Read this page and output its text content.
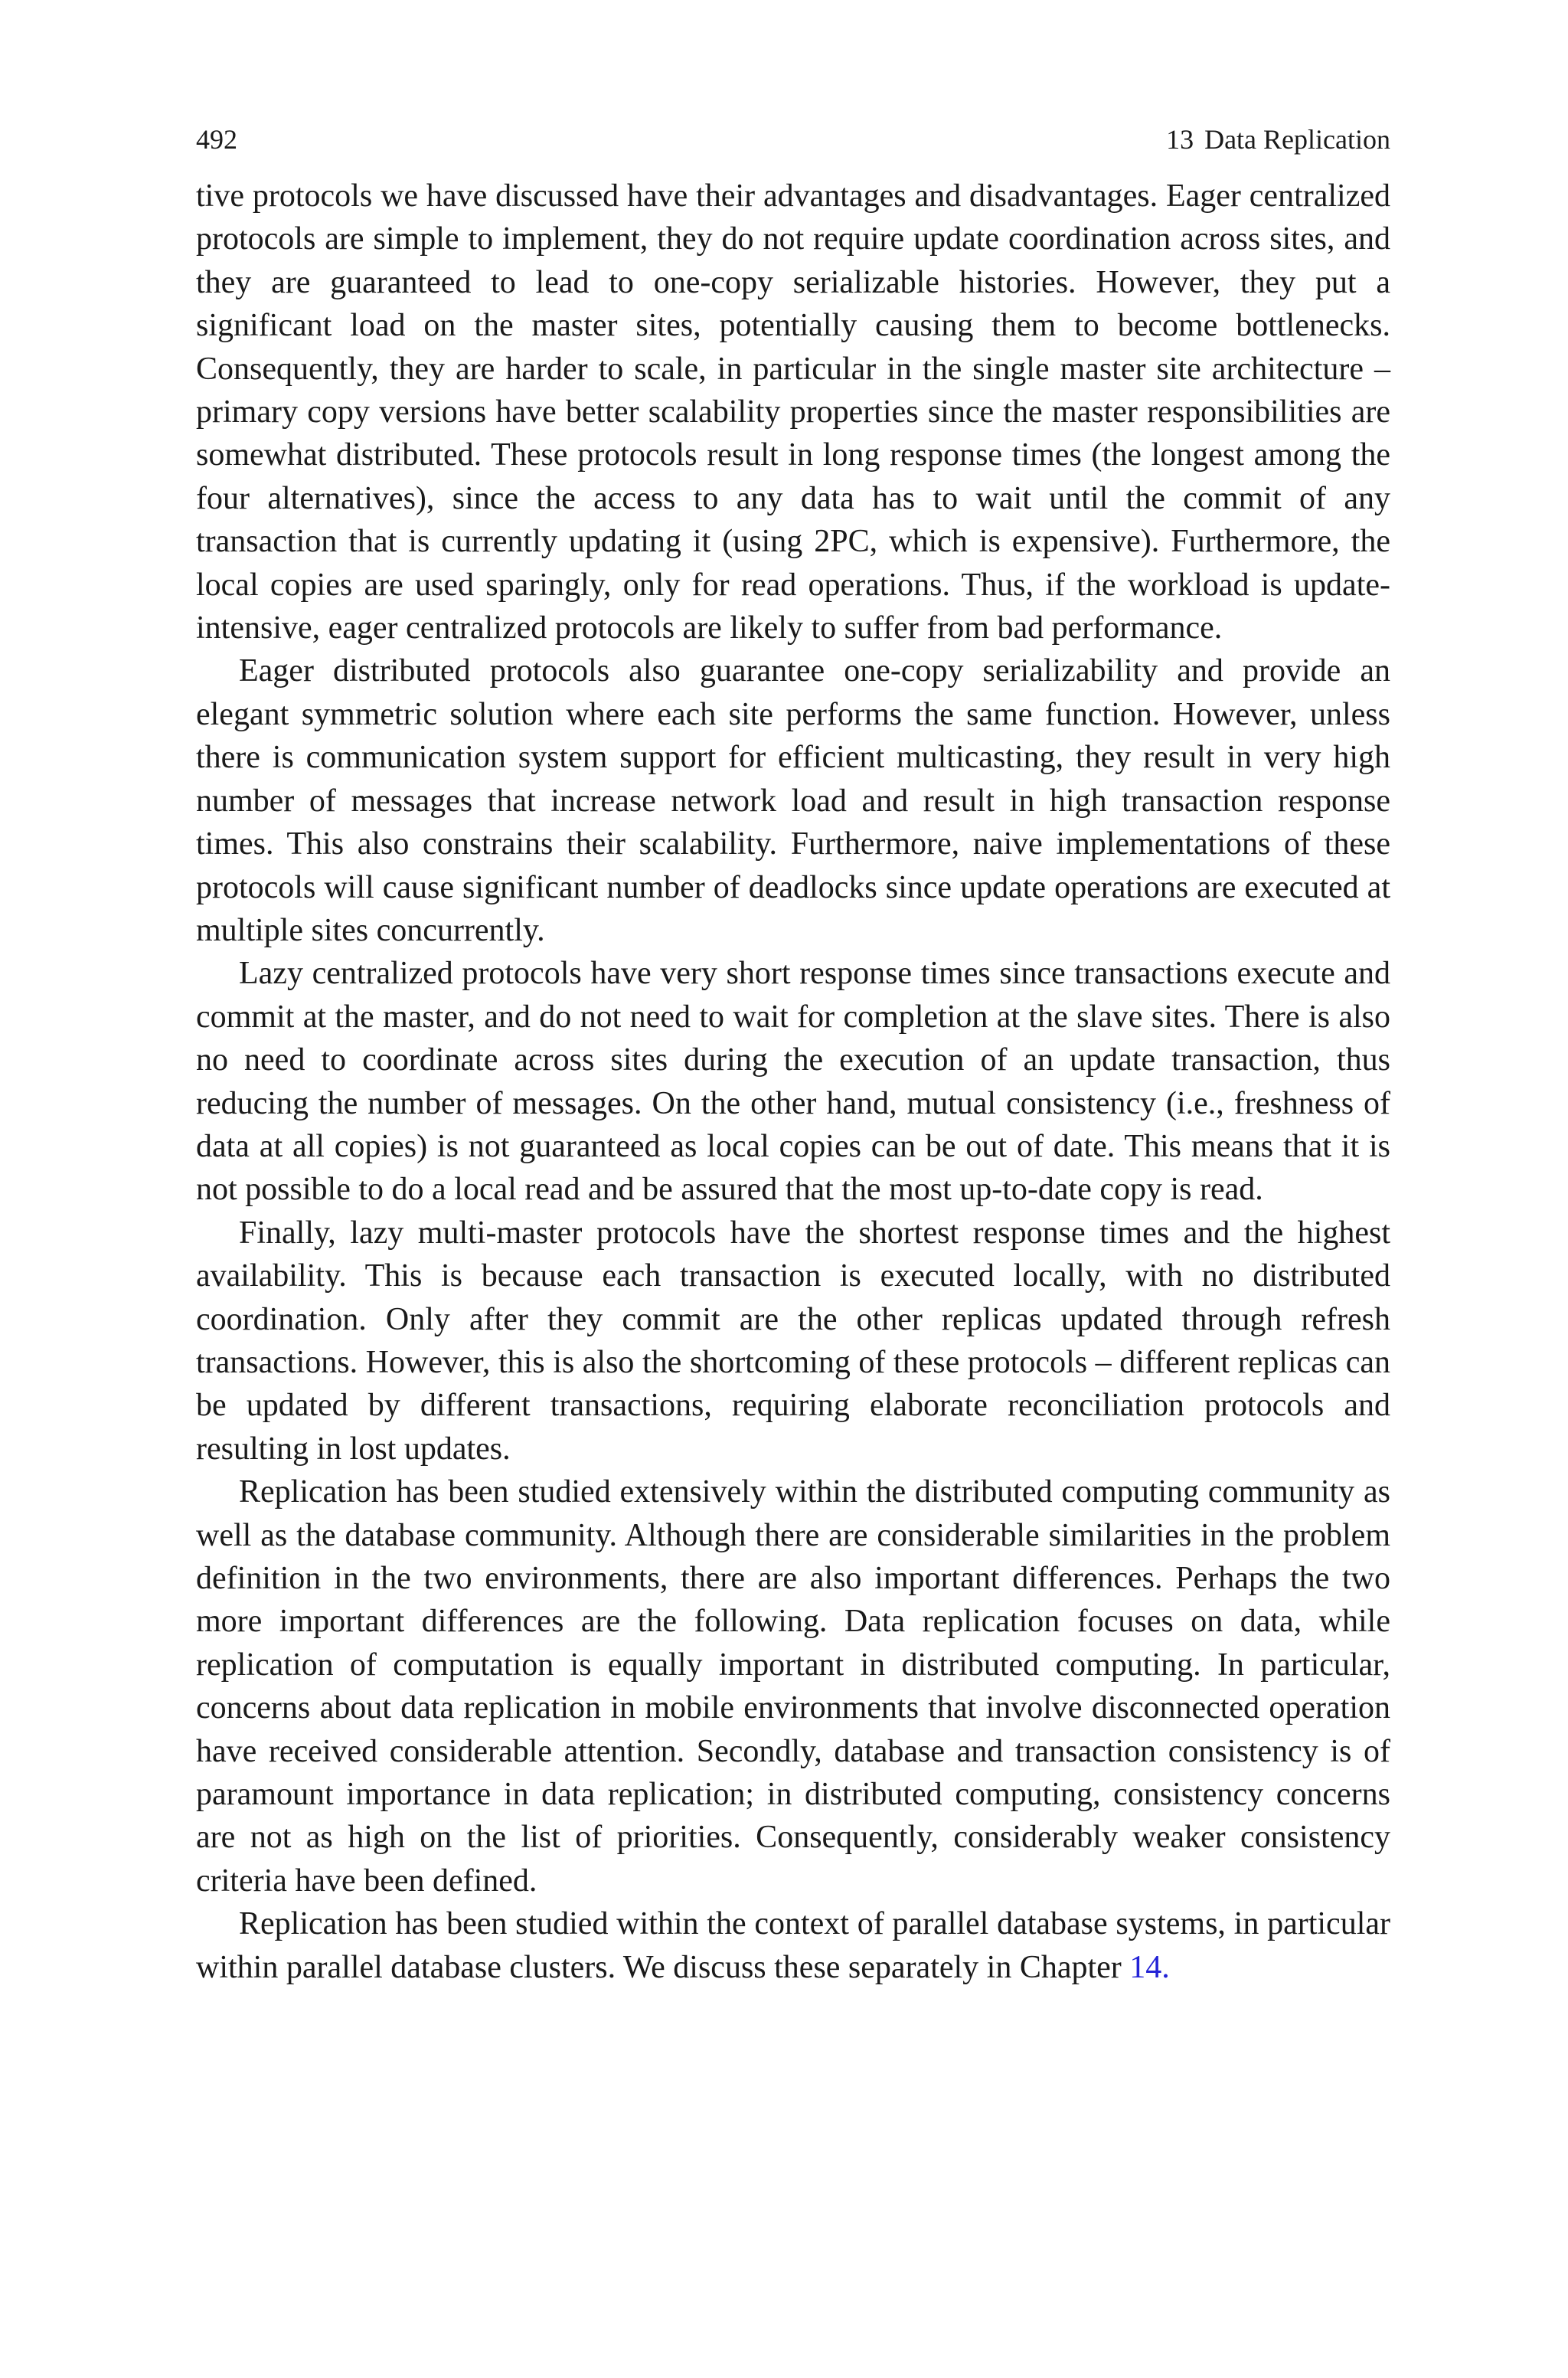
492	13 Data Replication

tive protocols we have discussed have their advantages and disadvantages. Eager centralized protocols are simple to implement, they do not require update coordination across sites, and they are guaranteed to lead to one-copy serializable histories. However, they put a significant load on the master sites, potentially causing them to become bottlenecks. Consequently, they are harder to scale, in particular in the single master site architecture – primary copy versions have better scalability properties since the master responsibilities are somewhat distributed. These protocols result in long response times (the longest among the four alternatives), since the access to any data has to wait until the commit of any transaction that is currently updating it (using 2PC, which is expensive). Furthermore, the local copies are used sparingly, only for read operations. Thus, if the workload is update-intensive, eager centralized protocols are likely to suffer from bad performance.

Eager distributed protocols also guarantee one-copy serializability and provide an elegant symmetric solution where each site performs the same function. However, unless there is communication system support for efficient multicasting, they result in very high number of messages that increase network load and result in high transaction response times. This also constrains their scalability. Furthermore, naive implementations of these protocols will cause significant number of deadlocks since update operations are executed at multiple sites concurrently.

Lazy centralized protocols have very short response times since transactions execute and commit at the master, and do not need to wait for completion at the slave sites. There is also no need to coordinate across sites during the execution of an update transaction, thus reducing the number of messages. On the other hand, mutual consistency (i.e., freshness of data at all copies) is not guaranteed as local copies can be out of date. This means that it is not possible to do a local read and be assured that the most up-to-date copy is read.

Finally, lazy multi-master protocols have the shortest response times and the highest availability. This is because each transaction is executed locally, with no distributed coordination. Only after they commit are the other replicas updated through refresh transactions. However, this is also the shortcoming of these protocols – different replicas can be updated by different transactions, requiring elaborate reconciliation protocols and resulting in lost updates.

Replication has been studied extensively within the distributed computing community as well as the database community. Although there are considerable similarities in the problem definition in the two environments, there are also important differences. Perhaps the two more important differences are the following. Data replication focuses on data, while replication of computation is equally important in distributed computing. In particular, concerns about data replication in mobile environments that involve disconnected operation have received considerable attention. Secondly, database and transaction consistency is of paramount importance in data replication; in distributed computing, consistency concerns are not as high on the list of priorities. Consequently, considerably weaker consistency criteria have been defined.

Replication has been studied within the context of parallel database systems, in particular within parallel database clusters. We discuss these separately in Chapter 14.
